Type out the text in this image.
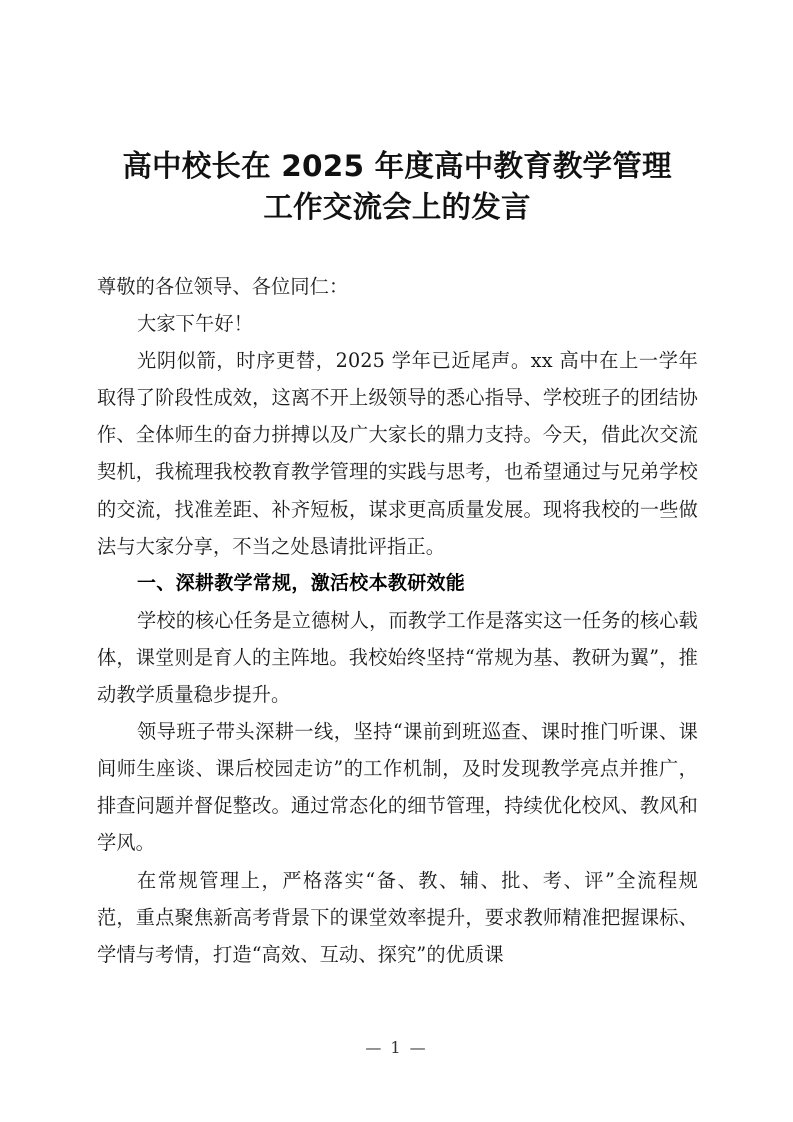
高中校长在 2025 年度高中教育教学管理
工作交流会上的发言

尊敬的各位领导、各位同仁：

大家下午好！

光阴似箭，时序更替，2025 学年已近尾声。xx 高中在上一学年取得了阶段性成效，这离不开上级领导的悉心指导、学校班子的团结协作、全体师生的奋力拼搏以及广大家长的鼎力支持。今天，借此次交流契机，我梳理我校教育教学管理的实践与思考，也希望通过与兄弟学校的交流，找准差距、补齐短板，谋求更高质量发展。现将我校的一些做法与大家分享，不当之处恳请批评指正。

一、深耕教学常规，激活校本教研效能

学校的核心任务是立德树人，而教学工作是落实这一任务的核心载体，课堂则是育人的主阵地。我校始终坚持“常规为基、教研为翼”，推动教学质量稳步提升。

领导班子带头深耕一线，坚持“课前到班巡查、课时推门听课、课间师生座谈、课后校园走访”的工作机制，及时发现教学亮点并推广，排查问题并督促整改。通过常态化的细节管理，持续优化校风、教风和学风。

在常规管理上，严格落实“备、教、辅、批、考、评”全流程规范，重点聚焦新高考背景下的课堂效率提升，要求教师精准把握课标、学情与考情，打造“高效、互动、探究”的优质课

— 1 —
